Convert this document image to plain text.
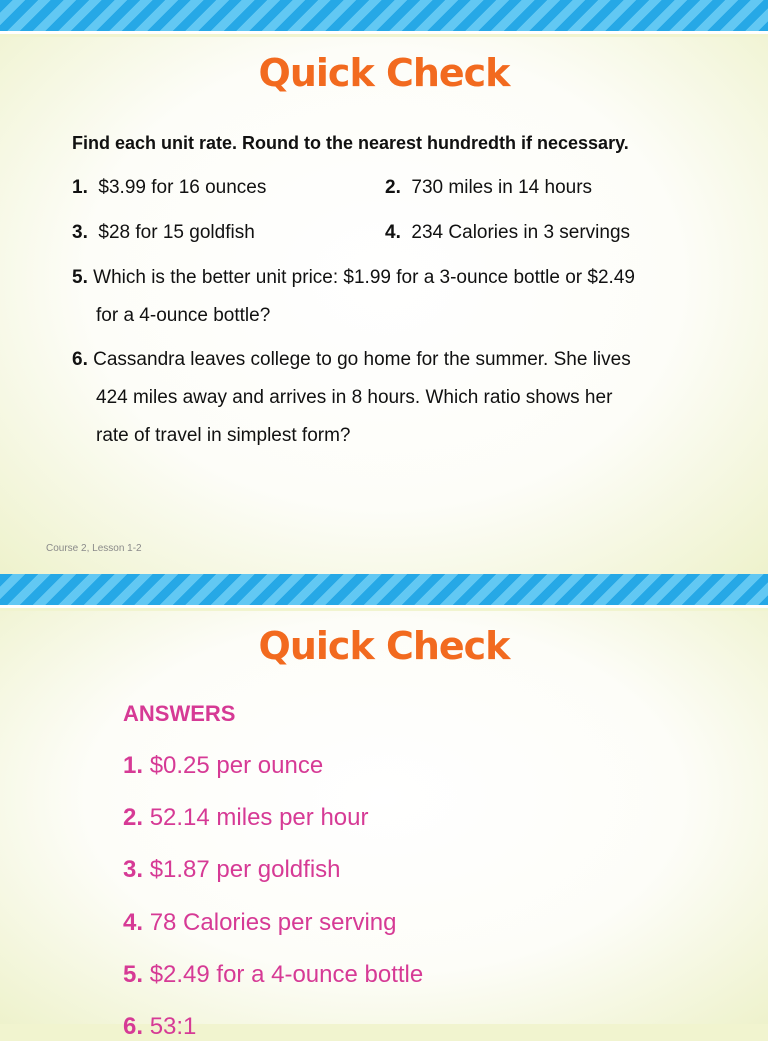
Quick Check
Find each unit rate. Round to the nearest hundredth if necessary.
1. $3.99 for 16 ounces	2. 730 miles in 14 hours
3. $28 for 15 goldfish	4. 234 Calories in 3 servings
5. Which is the better unit price: $1.99 for a 3-ounce bottle or $2.49
for a 4-ounce bottle?
6. Cassandra leaves college to go home for the summer. She lives
424 miles away and arrives in 8 hours. Which ratio shows her
rate of travel in simplest form?
Course 2, Lesson 1-2
Quick Check
ANSWERS
1. $0.25 per ounce
2. 52.14 miles per hour
3. $1.87 per goldfish
4. 78 Calories per serving
5. $2.49 for a 4-ounce bottle
6. 53:1
